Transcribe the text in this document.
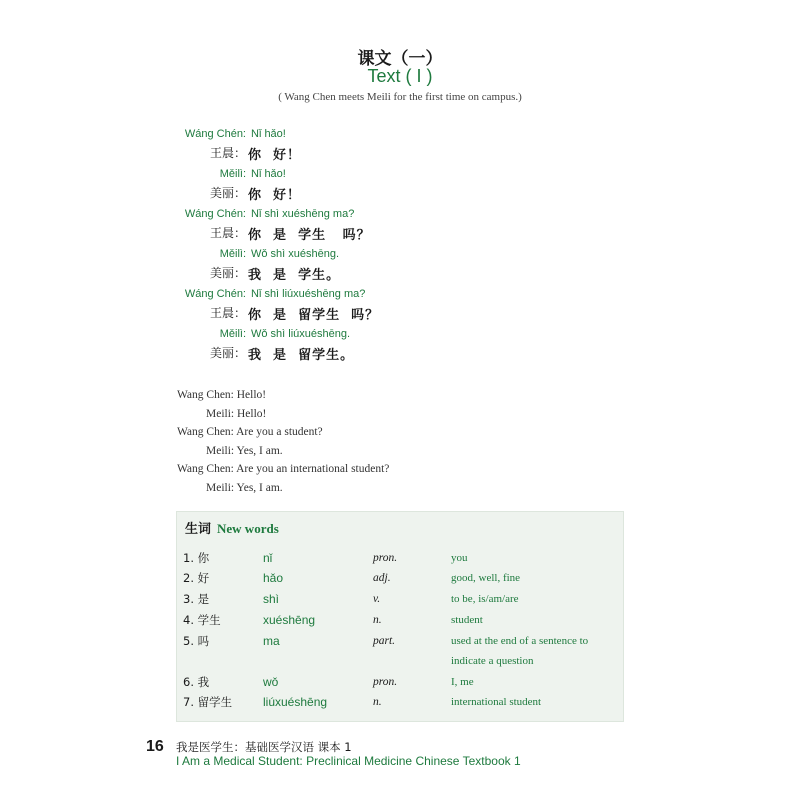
课文（一）
Text ( I )
( Wang Chen meets Meili for the first time on campus.)
Wáng Chén: Nǐ hǎo!
王晨： 你  好！
Měilì: Nǐ hǎo!
美丽： 你  好！
Wáng Chén: Nǐ shì xuéshēng ma?
王晨： 你  是  学生   吗？
Měilì: Wǒ shì xuéshēng.
美丽： 我  是  学生。
Wáng Chén: Nǐ shì liúxuéshēng ma?
王晨： 你  是  留学生  吗？
Měilì: Wǒ shì liúxuéshēng.
美丽： 我  是  留学生。
Wang Chen: Hello!
Meili: Hello!
Wang Chen: Are you a student?
Meili: Yes, I am.
Wang Chen: Are you an international student?
Meili: Yes, I am.
生词 New words
1. 你	nǐ	pron.	you
2. 好	hǎo	adj.	good, well, fine
3. 是	shì	v.	to be, is/am/are
4. 学生	xuéshēng	n.	student
5. 吗	ma	part.	used at the end of a sentence to indicate a question
6. 我	wǒ	pron.	I, me
7. 留学生	liúxuéshēng	n.	international student
16 我是医学生：基础医学汉语 课本 1
I Am a Medical Student: Preclinical Medicine Chinese Textbook 1
